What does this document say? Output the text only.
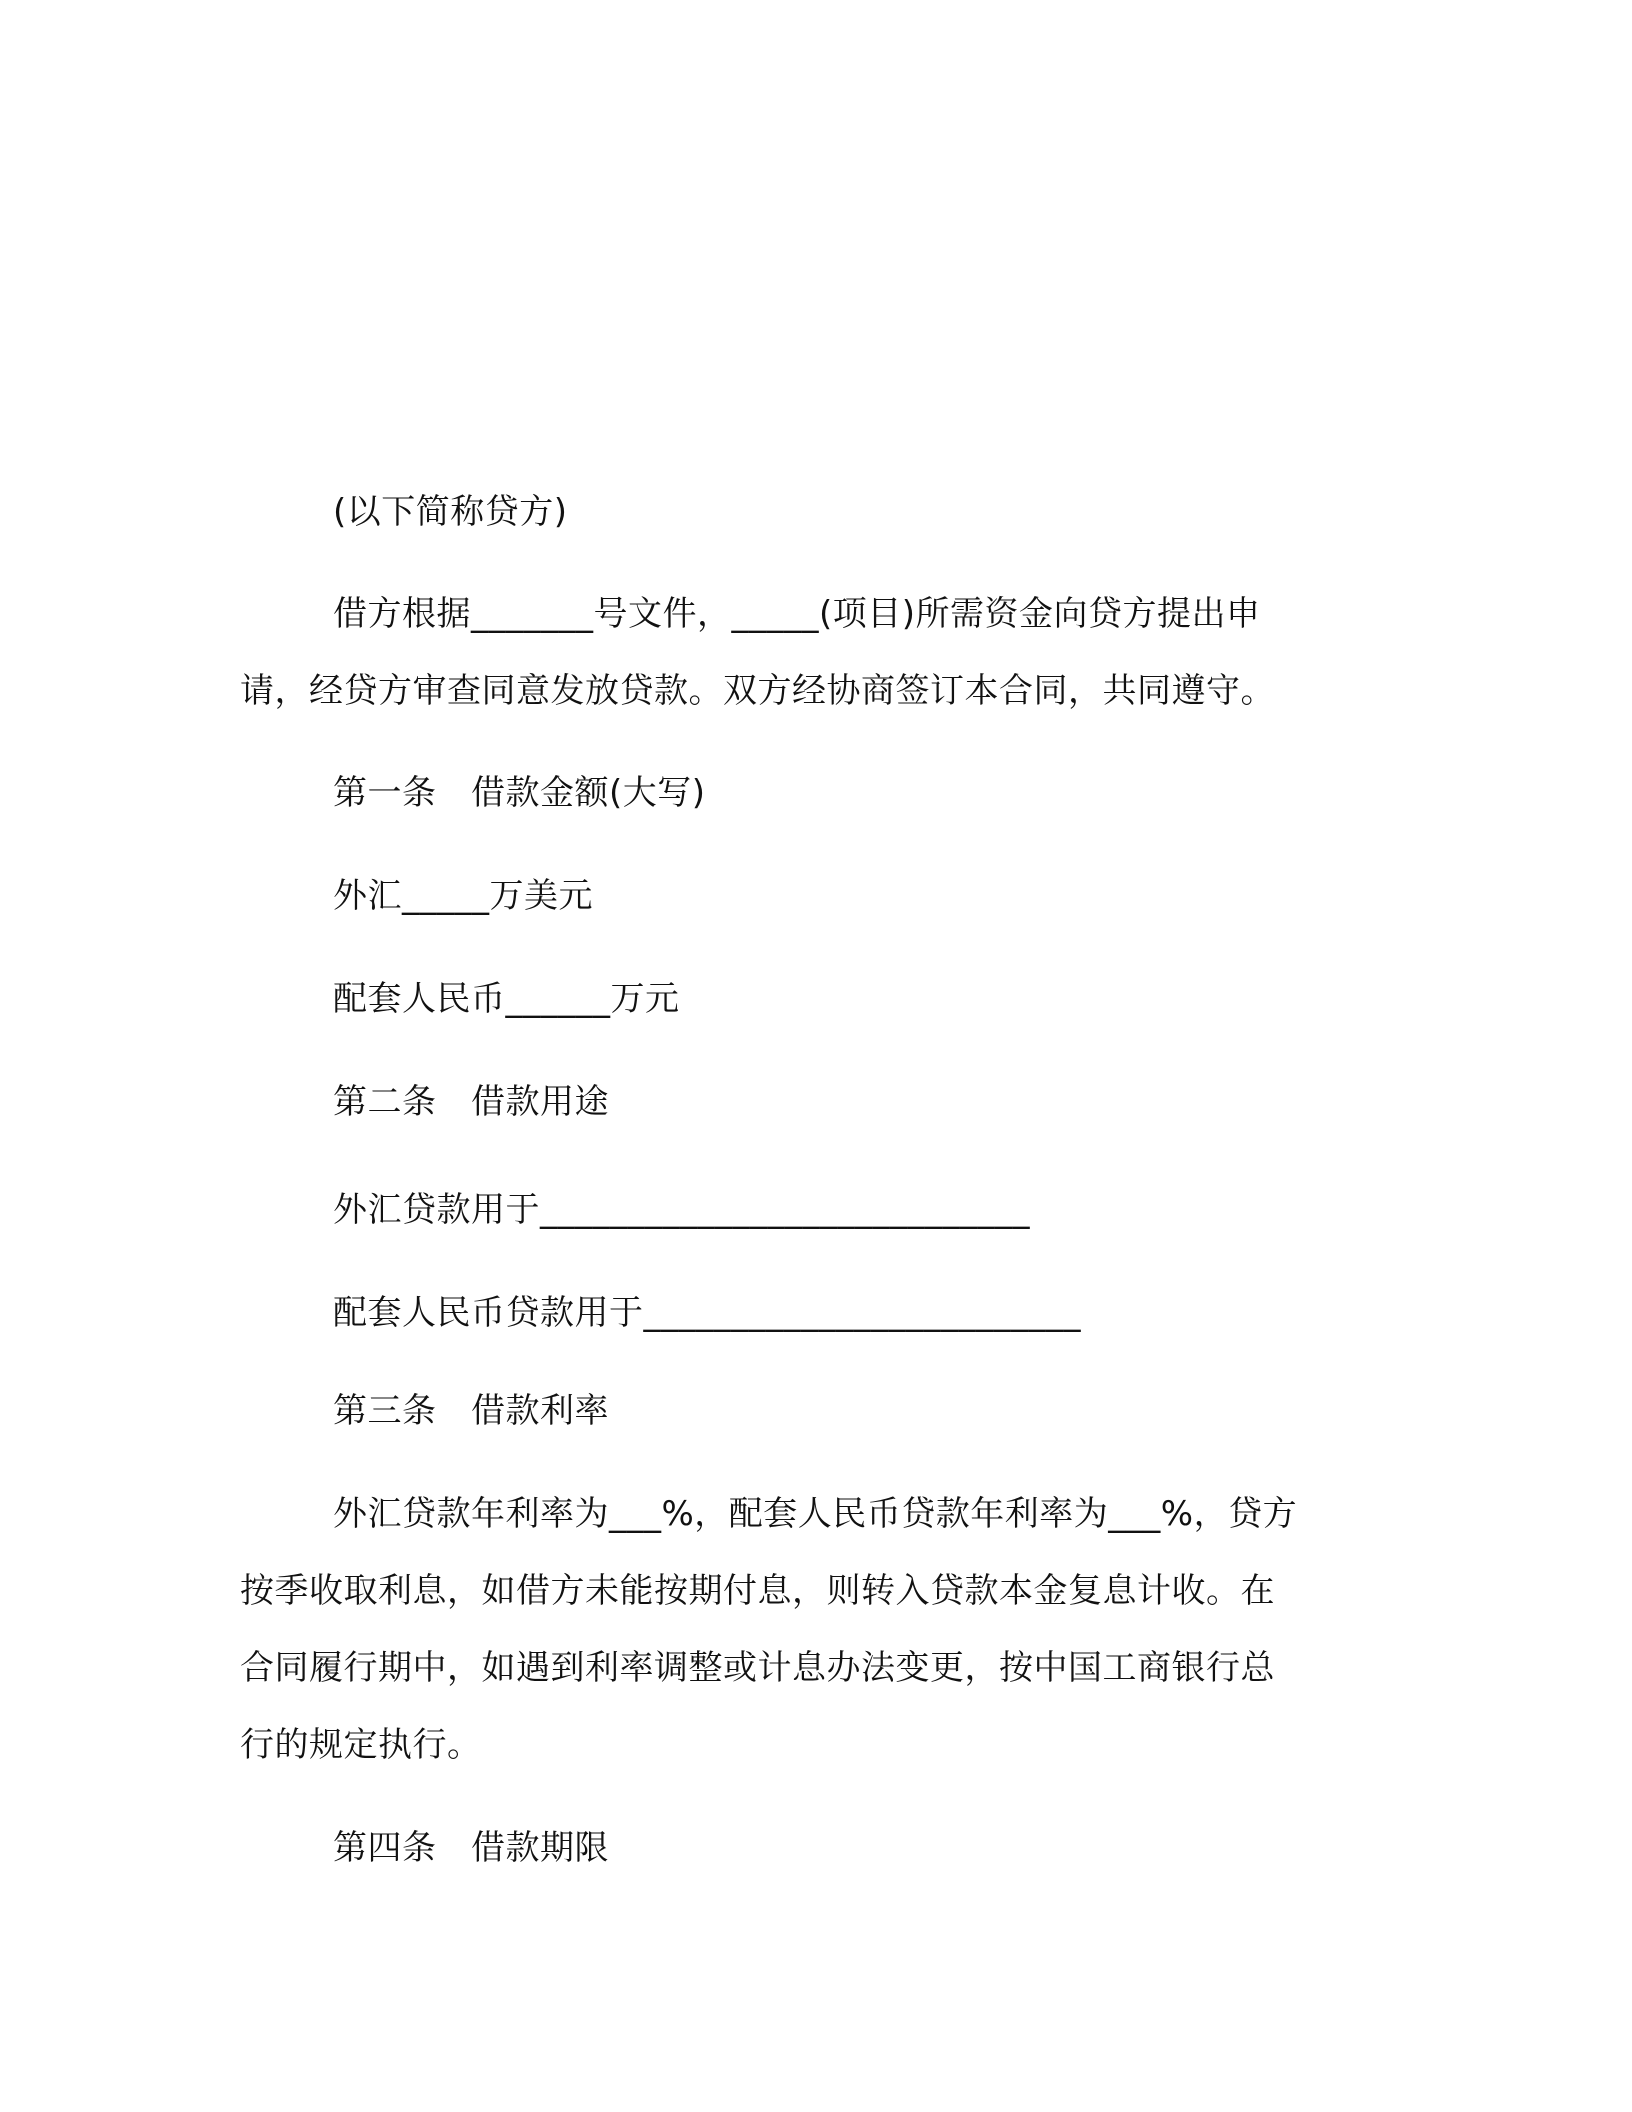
(以下简称贷方)
借方根据_______号文件，_____(项目)所需资金向贷方提出申
请，经贷方审查同意发放贷款。双方经协商签订本合同，共同遵守。
第一条　借款金额(大写)
外汇_____万美元
配套人民币______万元
第二条　借款用途
外汇贷款用于____________________________
配套人民币贷款用于_________________________
第三条　借款利率
外汇贷款年利率为___%，配套人民币贷款年利率为___%，贷方
按季收取利息，如借方未能按期付息，则转入贷款本金复息计收。在
合同履行期中，如遇到利率调整或计息办法变更，按中国工商银行总
行的规定执行。
第四条　借款期限
